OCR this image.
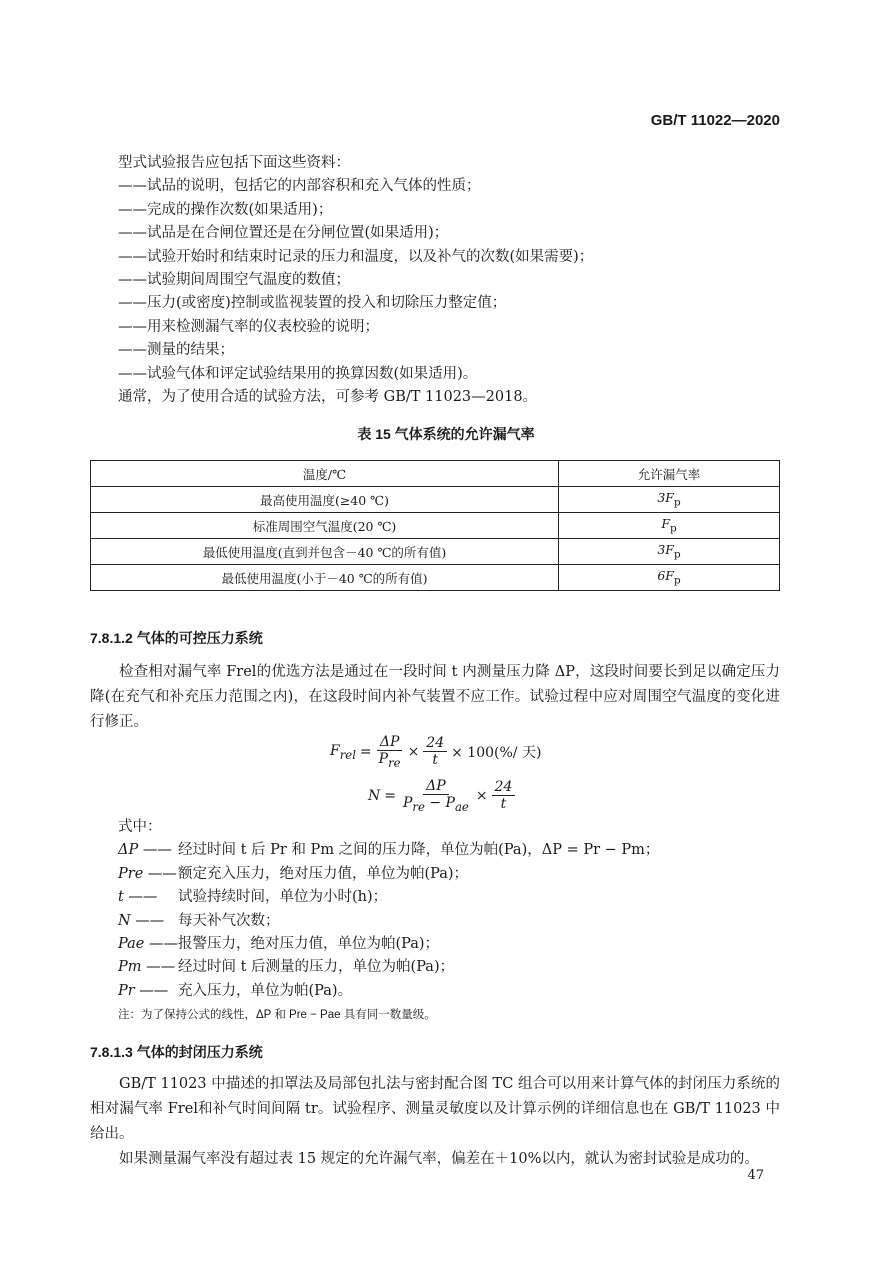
GB/T 11022—2020
型式试验报告应包括下面这些资料：
——试品的说明，包括它的内部容积和充入气体的性质；
——完成的操作次数(如果适用)；
——试品是在合闸位置还是在分闸位置(如果适用)；
——试验开始时和结束时记录的压力和温度，以及补气的次数(如果需要)；
——试验期间周围空气温度的数值；
——压力(或密度)控制或监视装置的投入和切除压力整定值；
——用来检测漏气率的仪表校验的说明；
——测量的结果；
——试验气体和评定试验结果用的换算因数(如果适用)。
通常，为了使用合适的试验方法，可参考 GB/T 11023—2018。
表 15 气体系统的允许漏气率
温度/℃	允许漏气率
最高使用温度(≥40 ℃)	$3F_p$
标准周围空气温度(20 ℃)	$F_p$
最低使用温度(直到并包含－40 ℃的所有值)	$3F_p$
最低使用温度(小于－40 ℃的所有值)	$6F_p$
7.8.1.2 气体的可控压力系统

检查相对漏气率 Frel的优选方法是通过在一段时间 t 内测量压力降 ΔP，这段时间要长到足以确定压力降(在充气和补充压力范围之内)，在这段时间内补气装置不应工作。试验过程中应对周围空气温度的变化进行修正。

$F_{rel} = \frac{\Delta P}{P_{re}} \times \frac{24}{t} \times 100(\%/$ 天)
$N = \frac{\Delta P}{P_{re} - P_{ae}} \times \frac{24}{t}$
式中：
ΔP —— 经过时间 t 后 Pr 和 Pm 之间的压力降，单位为帕(Pa)，ΔP = Pr − Pm；
Pre —— 额定充入压力，绝对压力值，单位为帕(Pa)；
t ——	试验持续时间，单位为小时(h)；
N —— 每天补气次数；
Pae —— 报警压力，绝对压力值，单位为帕(Pa)；
Pm —— 经过时间 t 后测量的压力，单位为帕(Pa)；
Pr —— 充入压力，单位为帕(Pa)。
注：为了保持公式的线性，ΔP 和 Pre − Pae 具有同一数量级。
7.8.1.3 气体的封闭压力系统

GB/T 11023 中描述的扣罩法及局部包扎法与密封配合图 TC 组合可以用来计算气体的封闭压力系统的相对漏气率 Frel和补气时间间隔 tr。试验程序、测量灵敏度以及计算示例的详细信息也在 GB/T 11023 中给出。

如果测量漏气率没有超过表 15 规定的允许漏气率，偏差在＋10%以内，就认为密封试验是成功的。

47
